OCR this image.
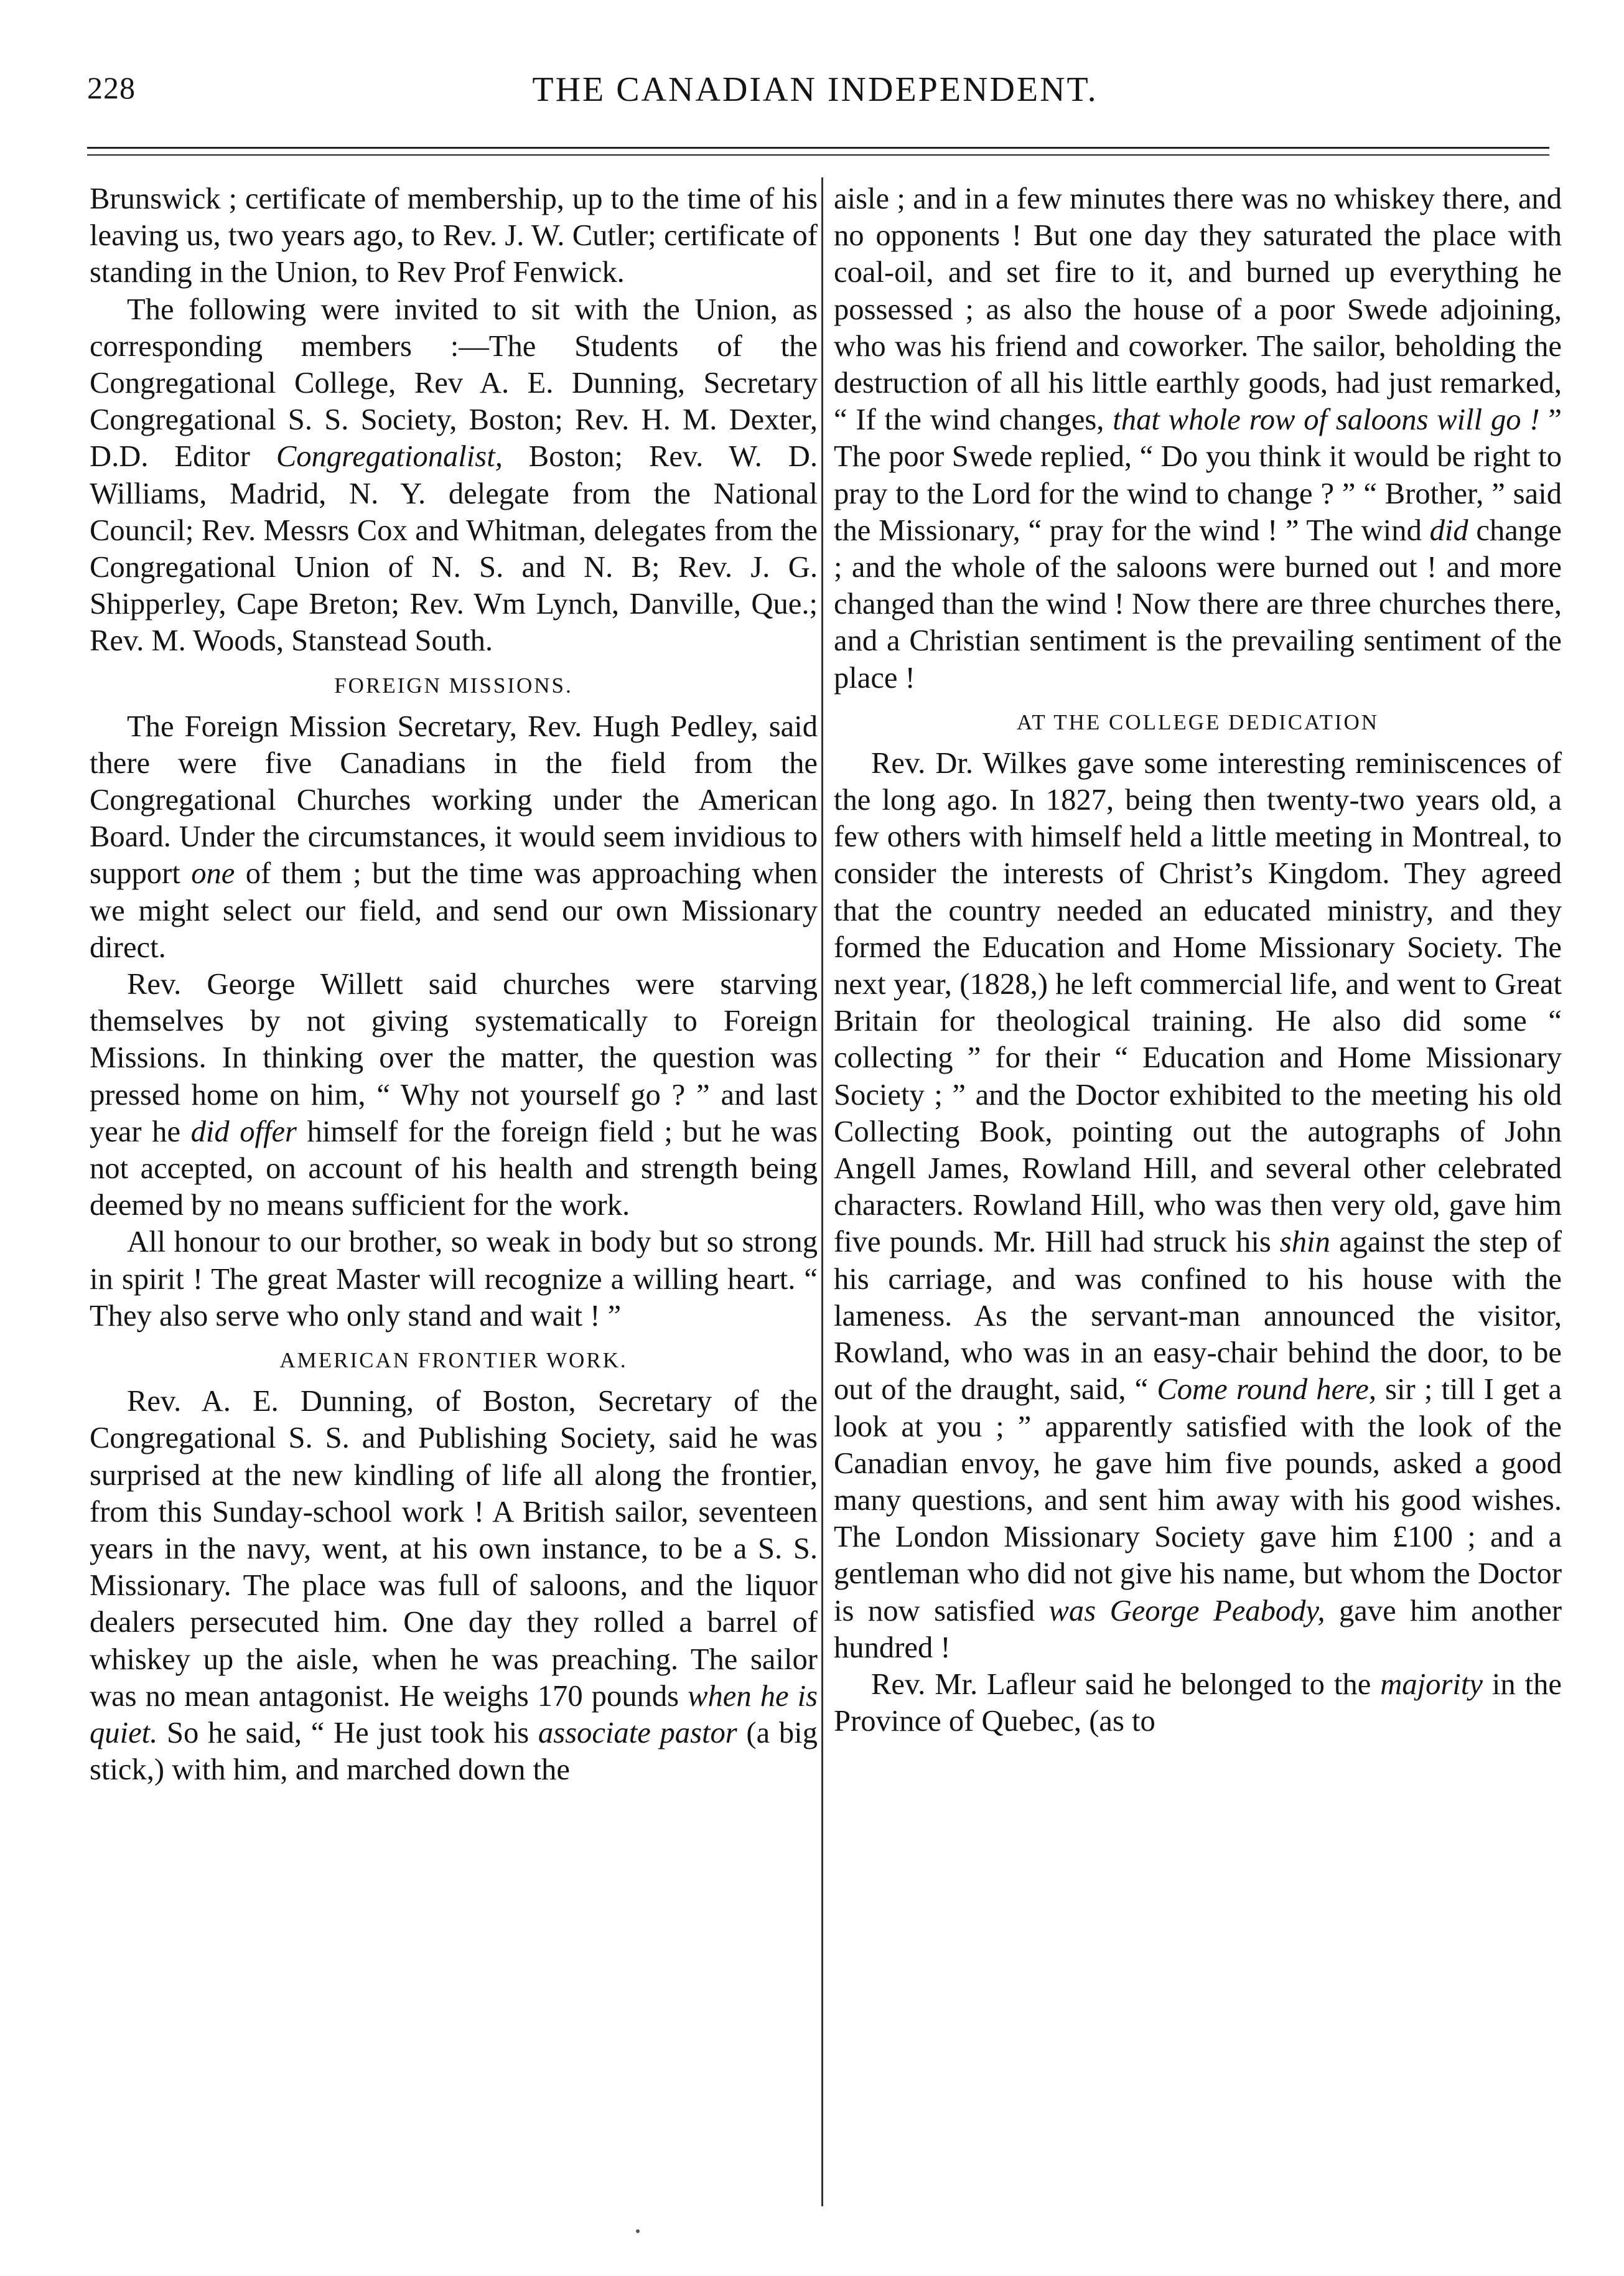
228	THE CANADIAN INDEPENDENT.

Brunswick ; certificate of membership, up to the time of his leaving us, two years ago, to Rev. J. W. Cutler; certificate of standing in the Union, to Rev Prof Fenwick.

The following were invited to sit with the Union, as corresponding members :—The Students of the Congregational College, Rev A. E. Dunning, Secretary Congregational S. S. Society, Boston; Rev. H. M. Dexter, D.D. Editor Congregationalist, Boston; Rev. W. D. Williams, Madrid, N. Y. delegate from the National Council; Rev. Messrs Cox and Whitman, delegates from the Congregational Union of N. S. and N. B; Rev. J. G. Shipperley, Cape Breton; Rev. Wm Lynch, Danville, Que.; Rev. M. Woods, Stanstead South.

FOREIGN MISSIONS.

The Foreign Mission Secretary, Rev. Hugh Pedley, said there were five Canadians in the field from the Congregational Churches working under the American Board. Under the circumstances, it would seem invidious to support one of them ; but the time was approaching when we might select our field, and send our own Missionary direct.

Rev. George Willett said churches were starving themselves by not giving systematically to Foreign Missions. In thinking over the matter, the question was pressed home on him, “ Why not yourself go ? ” and last year he did offer himself for the foreign field ; but he was not accepted, on account of his health and strength being deemed by no means sufficient for the work.

All honour to our brother, so weak in body but so strong in spirit ! The great Master will recognize a willing heart. “ They also serve who only stand and wait ! ”

AMERICAN FRONTIER WORK.

Rev. A. E. Dunning, of Boston, Secretary of the Congregational S. S. and Publishing Society, said he was surprised at the new kindling of life all along the frontier, from this Sunday-school work ! A British sailor, seventeen years in the navy, went, at his own instance, to be a S. S. Missionary. The place was full of saloons, and the liquor dealers persecuted him. One day they rolled a barrel of whiskey up the aisle, when he was preaching. The sailor was no mean antagonist. He weighs 170 pounds when he is quiet. So he said, “ He just took his associate pastor (a big stick,) with him, and marched down the

aisle ; and in a few minutes there was no whiskey there, and no opponents ! But one day they saturated the place with coal-oil, and set fire to it, and burned up everything he possessed ; as also the house of a poor Swede adjoining, who was his friend and coworker. The sailor, beholding the destruction of all his little earthly goods, had just remarked, “ If the wind changes, that whole row of saloons will go ! ” The poor Swede replied, “ Do you think it would be right to pray to the Lord for the wind to change ? ” “ Brother, ” said the Missionary, “ pray for the wind ! ” The wind did change ; and the whole of the saloons were burned out ! and more changed than the wind ! Now there are three churches there, and a Christian sentiment is the prevailing sentiment of the place !

AT THE COLLEGE DEDICATION

Rev. Dr. Wilkes gave some interesting reminiscences of the long ago. In 1827, being then twenty-two years old, a few others with himself held a little meeting in Montreal, to consider the interests of Christ’s Kingdom. They agreed that the country needed an educated ministry, and they formed the Education and Home Missionary Society. The next year, (1828,) he left commercial life, and went to Great Britain for theological training. He also did some “ collecting ” for their “ Education and Home Missionary Society ; ” and the Doctor exhibited to the meeting his old Collecting Book, pointing out the autographs of John Angell James, Rowland Hill, and several other celebrated characters. Rowland Hill, who was then very old, gave him five pounds. Mr. Hill had struck his shin against the step of his carriage, and was confined to his house with the lameness. As the servant-man announced the visitor, Rowland, who was in an easy-chair behind the door, to be out of the draught, said, “ Come round here, sir ; till I get a look at you ; ” apparently satisfied with the look of the Canadian envoy, he gave him five pounds, asked a good many questions, and sent him away with his good wishes. The London Missionary Society gave him £100 ; and a gentleman who did not give his name, but whom the Doctor is now satisfied was George Peabody, gave him another hundred !

Rev. Mr. Lafleur said he belonged to the majority in the Province of Quebec, (as to
